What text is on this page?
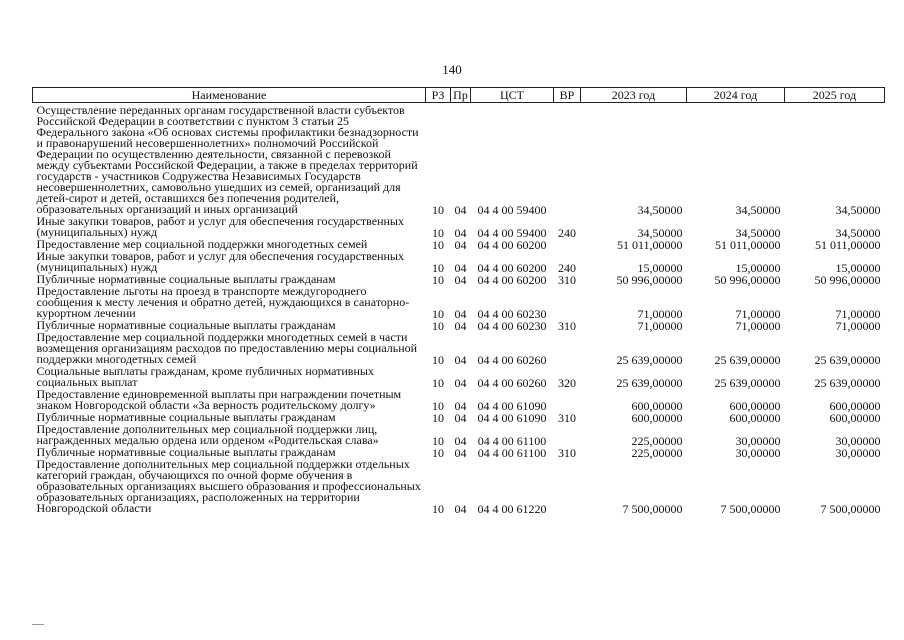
140
Наименование	РЗ	Пр	ЦСТ	ВР	2023 год	2024 год	2025 год
Осуществление переданных органам государственной власти субъектов Российской Федерации в соответствии с пунктом 3 статьи 25 Федерального закона «Об основах системы профилактики безнадзорности и правонарушений несовершеннолетних» полномочий Российской Федерации по осуществлению деятельности, связанной с перевозкой между субъектами Российской Федерации, а также в пределах территорий государств - участников Содружества Независимых Государств несовершеннолетних, самовольно ушедших из семей, организаций для детей-сирот и детей, оставшихся без попечения родителей, образовательных организаций и иных организаций	10	04	04 4 00 59400		34,50000	34,50000	34,50000
Иные закупки товаров, работ и услуг для обеспечения государственных (муниципальных) нужд	10	04	04 4 00 59400	240	34,50000	34,50000	34,50000
Предоставление мер социальной поддержки многодетных семей	10	04	04 4 00 60200		51 011,00000	51 011,00000	51 011,00000
Иные закупки товаров, работ и услуг для обеспечения государственных (муниципальных) нужд	10	04	04 4 00 60200	240	15,00000	15,00000	15,00000
Публичные нормативные социальные выплаты гражданам	10	04	04 4 00 60200	310	50 996,00000	50 996,00000	50 996,00000
Предоставление льготы на проезд в транспорте междугороднего сообщения к месту лечения и обратно детей, нуждающихся в санаторно-курортном лечении	10	04	04 4 00 60230		71,00000	71,00000	71,00000
Публичные нормативные социальные выплаты гражданам	10	04	04 4 00 60230	310	71,00000	71,00000	71,00000
Предоставление мер социальной поддержки многодетных семей в части возмещения организациям расходов по предоставлению меры социальной поддержки многодетных семей	10	04	04 4 00 60260		25 639,00000	25 639,00000	25 639,00000
Социальные выплаты гражданам, кроме публичных нормативных социальных выплат	10	04	04 4 00 60260	320	25 639,00000	25 639,00000	25 639,00000
Предоставление единовременной выплаты при награждении почетным знаком Новгородской области «За верность родительскому долгу»	10	04	04 4 00 61090		600,00000	600,00000	600,00000
Публичные нормативные социальные выплаты гражданам	10	04	04 4 00 61090	310	600,00000	600,00000	600,00000
Предоставление дополнительных мер социальной поддержки лиц, награжденных медалью ордена или орденом «Родительская слава»	10	04	04 4 00 61100		225,00000	30,00000	30,00000
Публичные нормативные социальные выплаты гражданам	10	04	04 4 00 61100	310	225,00000	30,00000	30,00000
Предоставление дополнительных мер социальной поддержки отдельных категорий граждан, обучающихся по очной форме обучения в образовательных организациях высшего образования и профессиональных образовательных организациях, расположенных на территории Новгородской области	10	04	04 4 00 61220		7 500,00000	7 500,00000	7 500,00000
